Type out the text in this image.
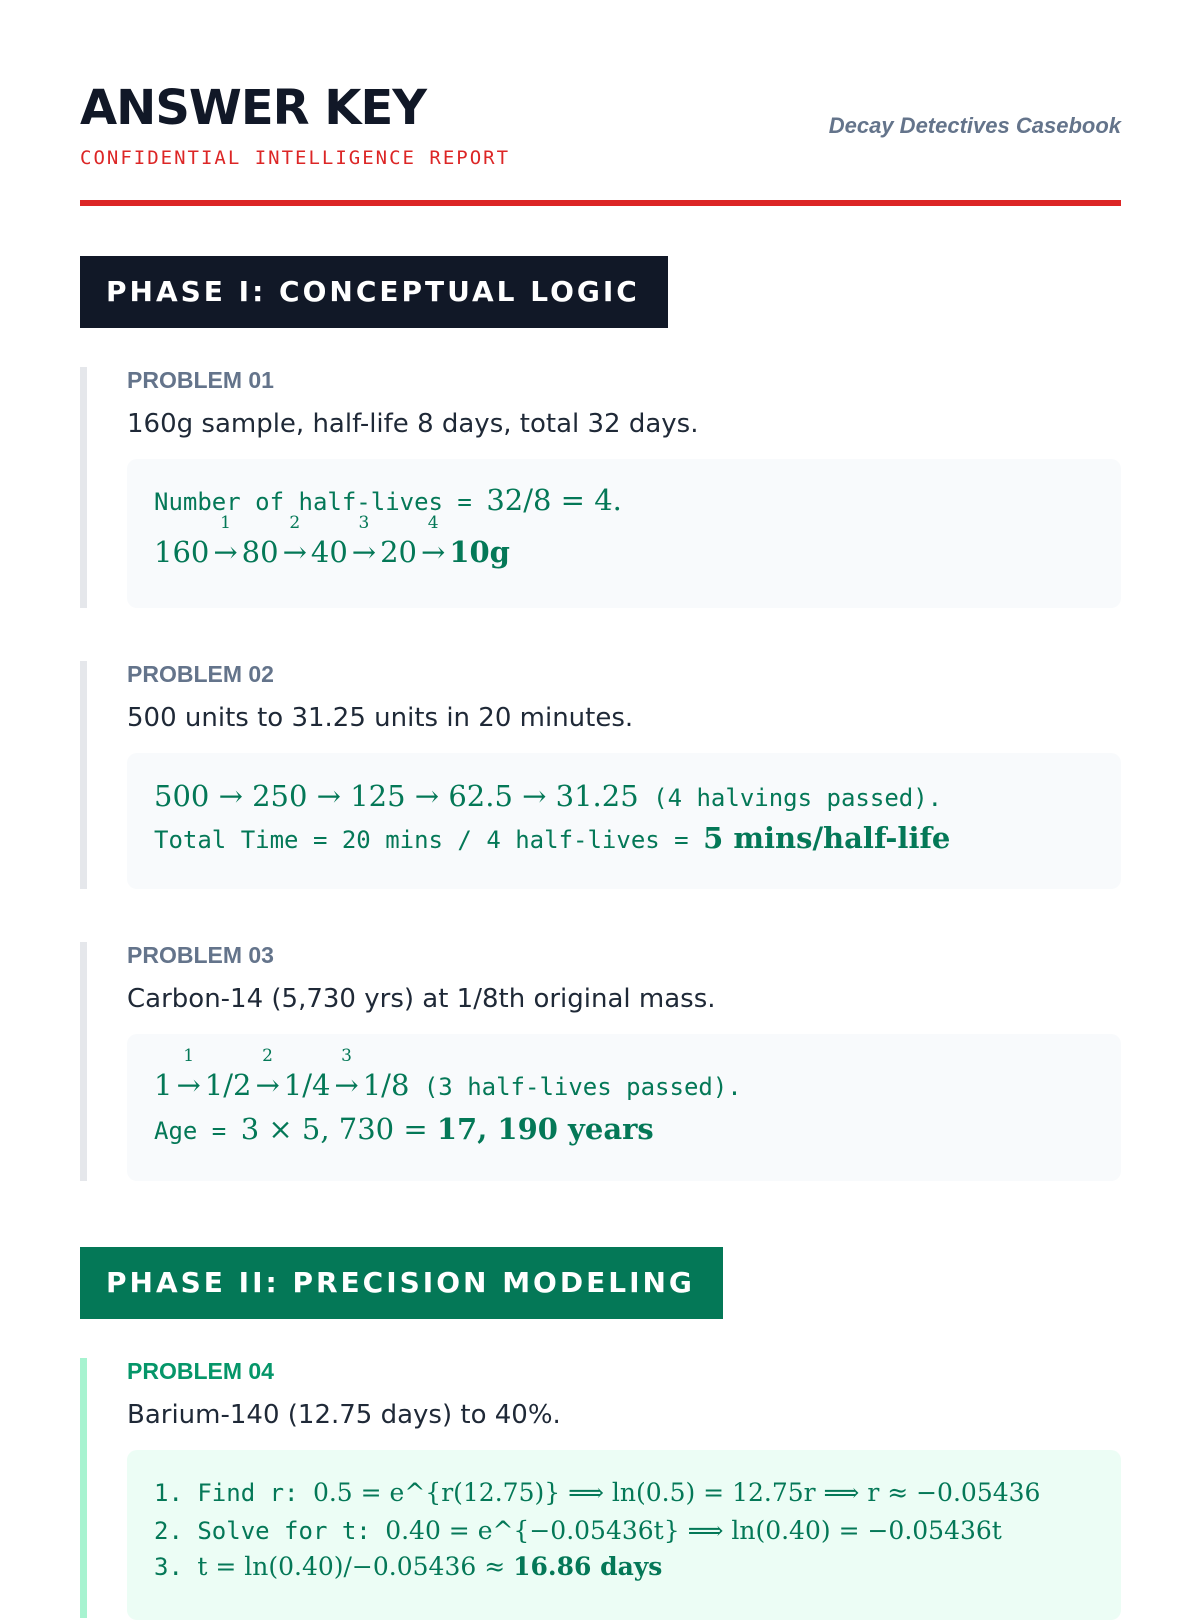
ANSWER KEY
CONFIDENTIAL INTELLIGENCE REPORT
Decay Detectives Casebook
PHASE I: CONCEPTUAL LOGIC
PROBLEM 01
160g sample, half-life 8 days, total 32 days.
Number of half-lives = 32/8 = 4.
160 →
1
80 →
2
40 →
3
20 →
4
10g
PROBLEM 02
500 units to 31.25 units in 20 minutes.
500 → 250 → 125 → 62.5 → 31.25 (4 halvings passed).
Total Time = 20 mins / 4 half-lives = 5 mins/half-life
PROBLEM 03
Carbon-14 (5,730 yrs) at 1/8th original mass.
1 →
1
1/2 →
2
1/4 →
3
1/8 (3 half-lives passed).
Age = 3 × 5, 730 = 17, 190 years
PHASE II: PRECISION MODELING
PROBLEM 04
Barium-140 (12.75 days) to 40%.
1. Find r: 0.5 = e^{r(12.75)} ⟹ ln(0.5) = 12.75r ⟹ r ≈ −0.05436
2. Solve for t: 0.40 = e^{−0.05436t} ⟹ ln(0.40) = −0.05436t
3. t = ln(0.40)/−0.05436 ≈ 16.86 days
